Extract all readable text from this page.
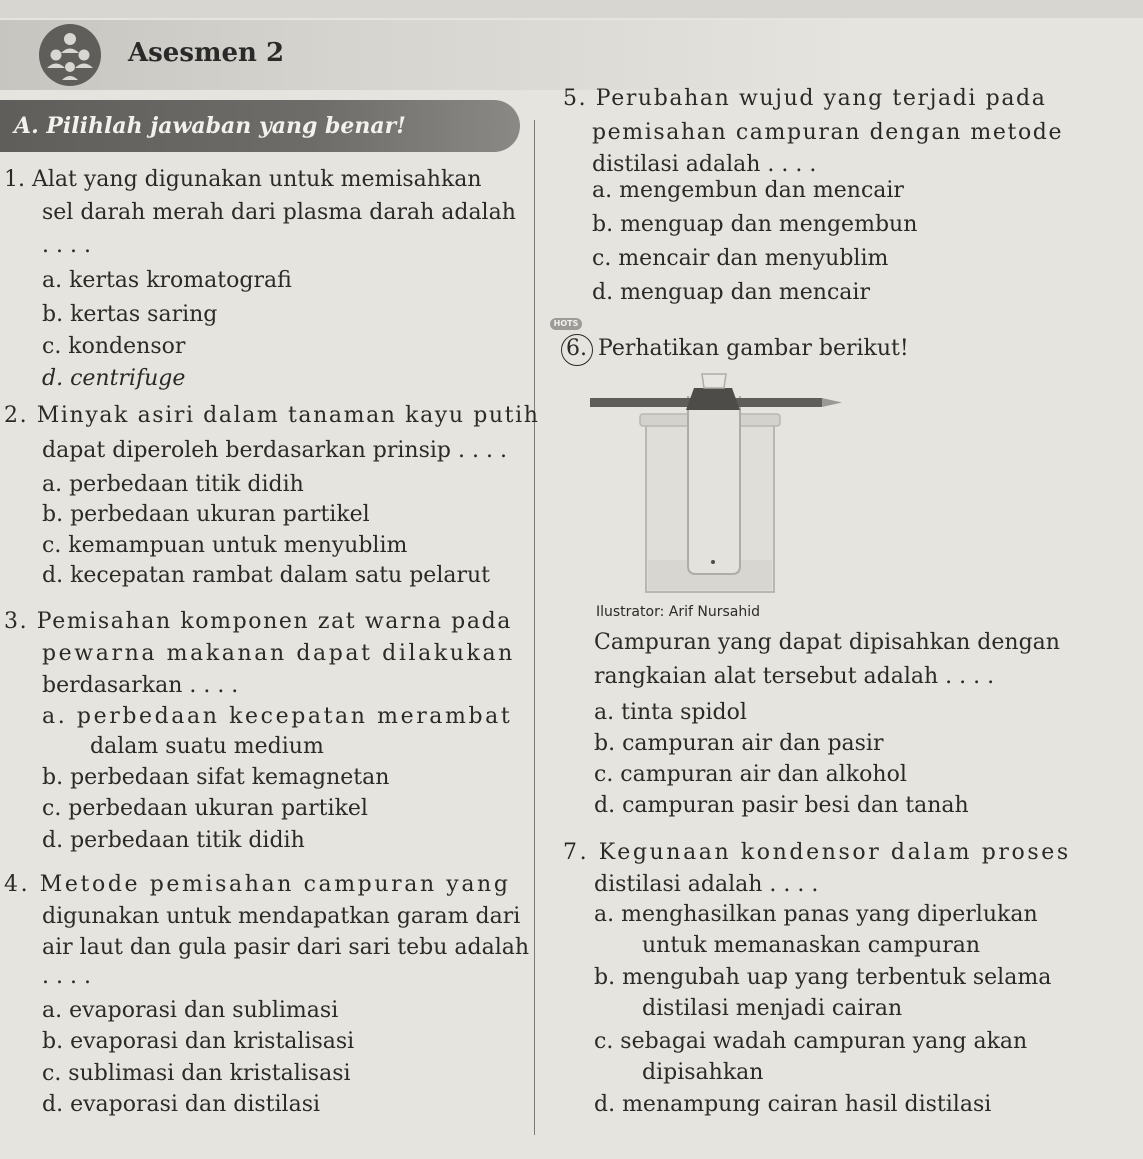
Asesmen 2
A. Pilihlah jawaban yang benar!
1. Alat yang digunakan untuk memisahkan
sel darah merah dari plasma darah adalah
. . . .
a. kertas kromatografi
b. kertas saring
c. kondensor
d. centrifuge
2. Minyak asiri dalam tanaman kayu putih
dapat diperoleh berdasarkan prinsip . . . .
a. perbedaan titik didih
b. perbedaan ukuran partikel
c. kemampuan untuk menyublim
d. kecepatan rambat dalam satu pelarut
3. Pemisahan komponen zat warna pada
pewarna makanan dapat dilakukan
berdasarkan . . . .
a. perbedaan kecepatan merambat
dalam suatu medium
b. perbedaan sifat kemagnetan
c. perbedaan ukuran partikel
d. perbedaan titik didih
4. Metode pemisahan campuran yang
digunakan untuk mendapatkan garam dari
air laut dan gula pasir dari sari tebu adalah
. . . .
a. evaporasi dan sublimasi
b. evaporasi dan kristalisasi
c. sublimasi dan kristalisasi
d. evaporasi dan distilasi
5. Perubahan wujud yang terjadi pada
pemisahan campuran dengan metode
distilasi adalah . . . .
a. mengembun dan mencair
b. menguap dan mengembun
c. mencair dan menyublim
d. menguap dan mencair
HOTS
6. Perhatikan gambar berikut!
Ilustrator: Arif Nursahid
Campuran yang dapat dipisahkan dengan
rangkaian alat tersebut adalah . . . .
a. tinta spidol
b. campuran air dan pasir
c. campuran air dan alkohol
d. campuran pasir besi dan tanah
7. Kegunaan kondensor dalam proses
distilasi adalah . . . .
a. menghasilkan panas yang diperlukan
untuk memanaskan campuran
b. mengubah uap yang terbentuk selama
distilasi menjadi cairan
c. sebagai wadah campuran yang akan
dipisahkan
d. menampung cairan hasil distilasi
